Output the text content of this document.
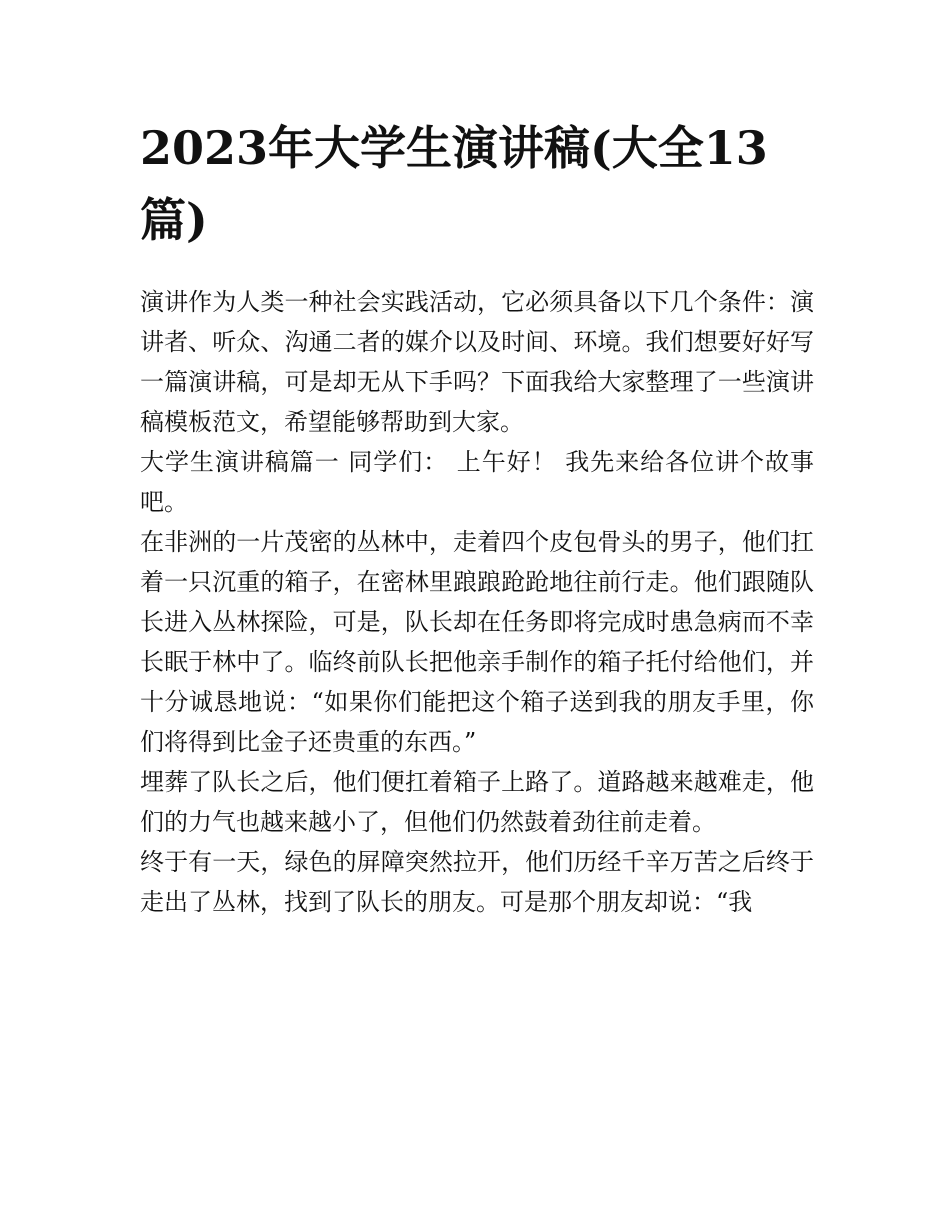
2023年大学生演讲稿(大全13篇)

演讲作为人类一种社会实践活动，它必须具备以下几个条件：演讲者、听众、沟通二者的媒介以及时间、环境。我们想要好好写一篇演讲稿，可是却无从下手吗？下面我给大家整理了一些演讲稿模板范文，希望能够帮助到大家。

大学生演讲稿篇一 同学们： 上午好！ 我先来给各位讲个故事吧。

在非洲的一片茂密的丛林中，走着四个皮包骨头的男子，他们扛着一只沉重的箱子，在密林里踉踉跄跄地往前行走。他们跟随队长进入丛林探险，可是，队长却在任务即将完成时患急病而不幸长眠于林中了。临终前队长把他亲手制作的箱子托付给他们，并十分诚恳地说：“如果你们能把这个箱子送到我的朋友手里，你们将得到比金子还贵重的东西。”

埋葬了队长之后，他们便扛着箱子上路了。道路越来越难走，他们的力气也越来越小了，但他们仍然鼓着劲往前走着。

终于有一天，绿色的屏障突然拉开，他们历经千辛万苦之后终于走出了丛林，找到了队长的朋友。可是那个朋友却说：“我
